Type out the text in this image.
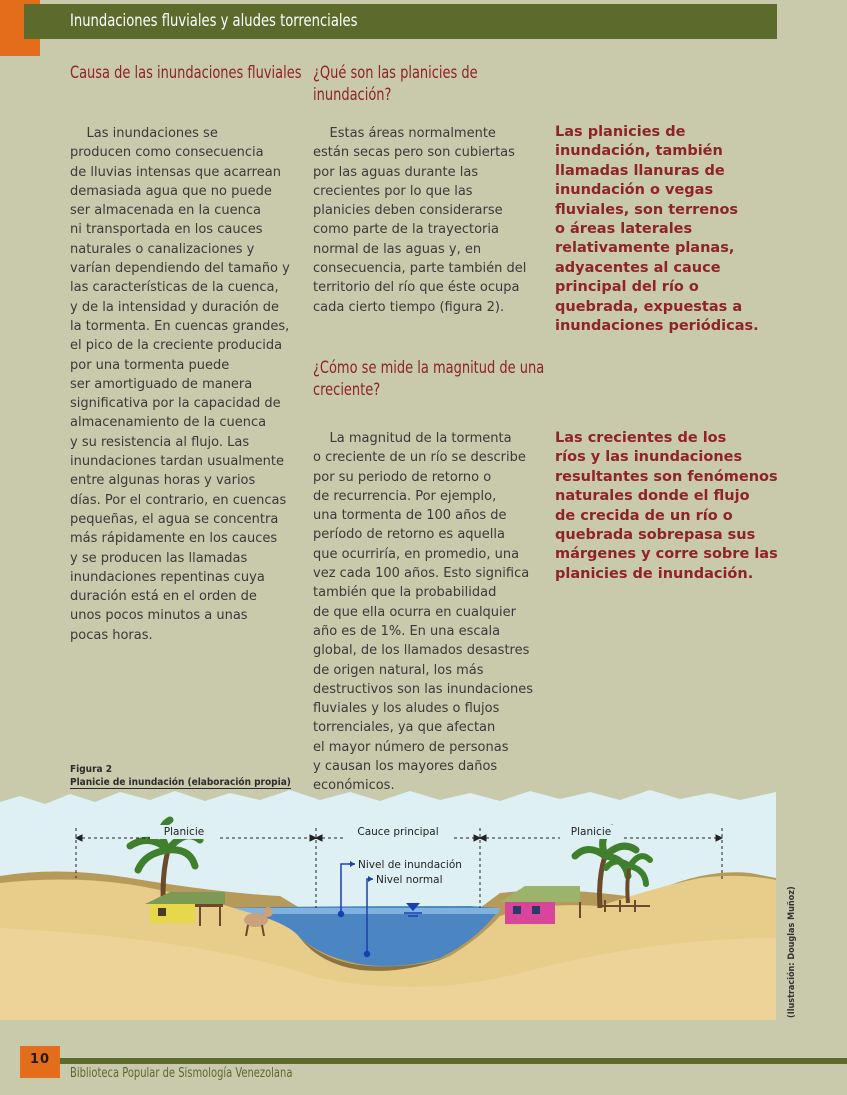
Inundaciones fluviales y aludes torrenciales
Causa de las inundaciones fluviales
Las inundaciones se
producen como consecuencia
de lluvias intensas que acarrean
demasiada agua que no puede
ser almacenada en la cuenca
ni transportada en los cauces
naturales o canalizaciones y
varían dependiendo del tamaño y
las características de la cuenca,
y de la intensidad y duración de
la tormenta. En cuencas grandes,
el pico de la creciente producida
por una tormenta puede
ser amortiguado de manera
significativa por la capacidad de
almacenamiento de la cuenca
y su resistencia al flujo. Las
inundaciones tardan usualmente
entre algunas horas y varios
días. Por el contrario, en cuencas
pequeñas, el agua se concentra
más rápidamente en los cauces
y se producen las llamadas
inundaciones repentinas cuya
duración está en el orden de
unos pocos minutos a unas
pocas horas.
¿Qué son las planicies de
inundación?
Estas áreas normalmente
están secas pero son cubiertas
por las aguas durante las
crecientes por lo que las
planicies deben considerarse
como parte de la trayectoria
normal de las aguas y, en
consecuencia, parte también del
territorio del río que éste ocupa
cada cierto tiempo (figura 2).
¿Cómo se mide la magnitud de una
creciente?
La magnitud de la tormenta
o creciente de un río se describe
por su periodo de retorno o
de recurrencia. Por ejemplo,
una tormenta de 100 años de
período de retorno es aquella
que ocurriría, en promedio, una
vez cada 100 años. Esto significa
también que la probabilidad
de que ella ocurra en cualquier
año es de 1%. En una escala
global, de los llamados desastres
de origen natural, los más
destructivos son las inundaciones
fluviales y los aludes o flujos
torrenciales, ya que afectan
el mayor número de personas
y causan los mayores daños
económicos.
Las planicies de
inundación, también
llamadas llanuras de
inundación o vegas
fluviales, son terrenos
o áreas laterales
relativamente planas,
adyacentes al cauce
principal del río o
quebrada, expuestas a
inundaciones periódicas.
Las crecientes de los
ríos y las inundaciones
resultantes son fenómenos
naturales donde el flujo
de crecida de un río o
quebrada sobrepasa sus
márgenes y corre sobre las
planicies de inundación.
Figura 2
Planicie de inundación (elaboración propia)
Planicie	Cauce principal	Planicie
Nivel de inundación
Nivel normal
(Ilustración: Douglas Muñoz)
10
Biblioteca Popular de Sismología Venezolana
